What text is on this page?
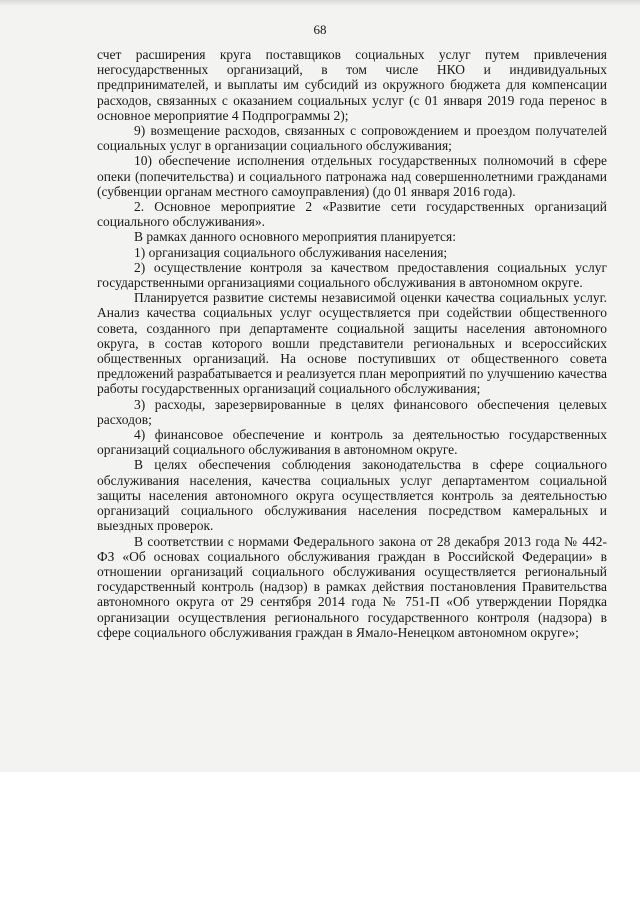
68

счет расширения круга поставщиков социальных услуг путем привлечения негосударственных организаций, в том числе НКО и индивидуальных предпринимателей, и выплаты им субсидий из окружного бюджета для компенсации расходов, связанных с оказанием социальных услуг (с 01 января 2019 года перенос в основное мероприятие 4 Подпрограммы 2);

9) возмещение расходов, связанных с сопровождением и проездом получателей социальных услуг в организации социального обслуживания;

10) обеспечение исполнения отдельных государственных полномочий в сфере опеки (попечительства) и социального патронажа над совершеннолетними гражданами (субвенции органам местного самоуправления) (до 01 января 2016 года).

2. Основное мероприятие 2 «Развитие сети государственных организаций социального обслуживания».

В рамках данного основного мероприятия планируется:

1) организация социального обслуживания населения;

2) осуществление контроля за качеством предоставления социальных услуг государственными организациями социального обслуживания в автономном округе.

Планируется развитие системы независимой оценки качества социальных услуг. Анализ качества социальных услуг осуществляется при содействии общественного совета, созданного при департаменте социальной защиты населения автономного округа, в состав которого вошли представители региональных и всероссийских общественных организаций. На основе поступивших от общественного совета предложений разрабатывается и реализуется план мероприятий по улучшению качества работы государственных организаций социального обслуживания;

3) расходы, зарезервированные в целях финансового обеспечения целевых расходов;

4) финансовое обеспечение и контроль за деятельностью государственных организаций социального обслуживания в автономном округе.

В целях обеспечения соблюдения законодательства в сфере социального обслуживания населения, качества социальных услуг департаментом социальной защиты населения автономного округа осуществляется контроль за деятельностью организаций социального обслуживания населения посредством камеральных и выездных проверок.

В соответствии с нормами Федерального закона от 28 декабря 2013 года № 442-ФЗ «Об основах социального обслуживания граждан в Российской Федерации» в отношении организаций социального обслуживания осуществляется региональный государственный контроль (надзор) в рамках действия постановления Правительства автономного округа от 29 сентября 2014 года № 751-П «Об утверждении Порядка организации осуществления регионального государственного контроля (надзора) в сфере социального обслуживания граждан в Ямало-Ненецком автономном округе»;
